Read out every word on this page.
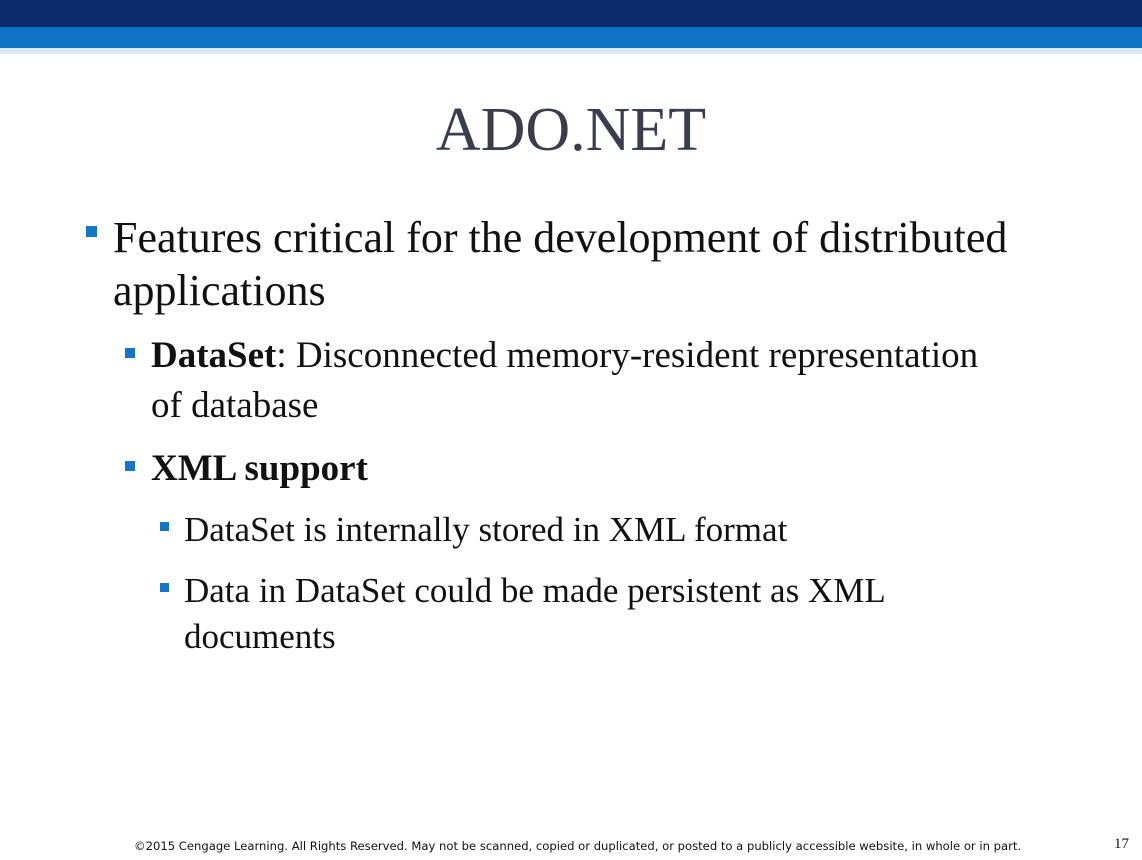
ADO.NET

Features critical for the development of distributed

applications

DataSet: Disconnected memory-resident representation

of database

XML support

DataSet is internally stored in XML format

Data in DataSet could be made persistent as XML

documents

©2015 Cengage Learning. All Rights Reserved. May not be scanned, copied or duplicated, or posted to a publicly accessible website, in whole or in part.	17
